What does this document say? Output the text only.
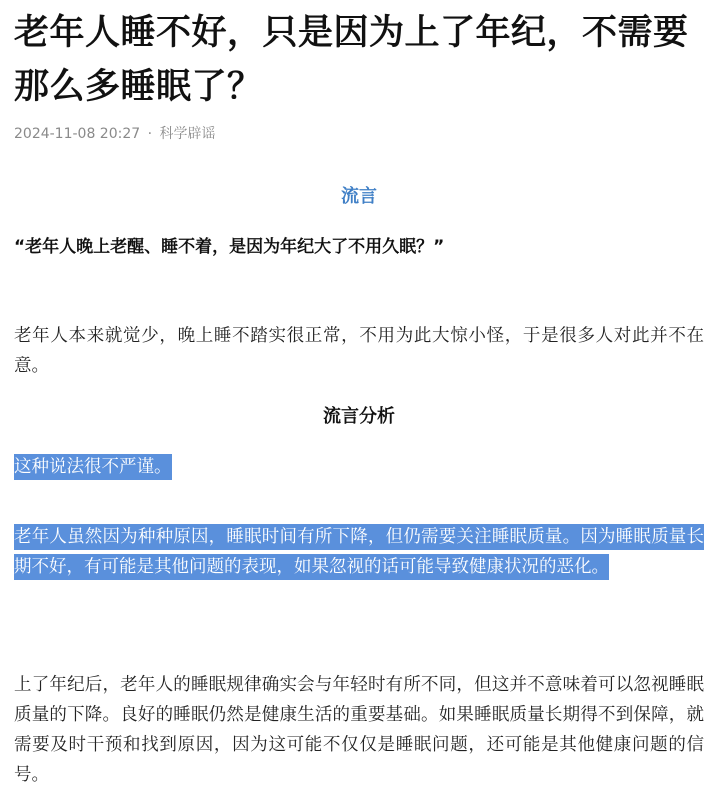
老年人睡不好，只是因为上了年纪，不需要那么多睡眠了？
2024-11-08 20:27 · 科学辟谣
流言
“老年人晚上老醒、睡不着，是因为年纪大了不用久眠？”

老年人本来就觉少，晚上睡不踏实很正常，不用为此大惊小怪，于是很多人对此并不在意。

流言分析
这种说法很不严谨。
老年人虽然因为种种原因，睡眠时间有所下降，但仍需要关注睡眠质量。因为睡眠质量长期不好，有可能是其他问题的表现，如果忽视的话可能导致健康状况的恶化。

上了年纪后，老年人的睡眠规律确实会与年轻时有所不同，但这并不意味着可以忽视睡眠质量的下降。良好的睡眠仍然是健康生活的重要基础。如果睡眠质量长期得不到保障，就需要及时干预和找到原因，因为这可能不仅仅是睡眠问题，还可能是其他健康问题的信号。
